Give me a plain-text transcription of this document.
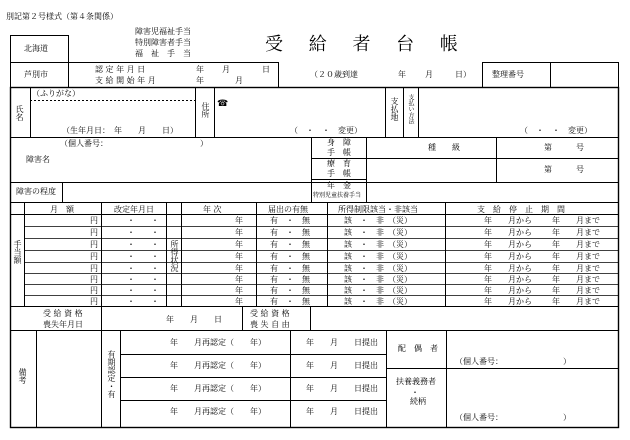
別記第２号様式（第４条関係）
北海道
芦別市
障害児福祉手当
特別障害者手当
福　祉　手　当	受 給 者 台 帳
認 定 年 月 日
支 給 開 始 年 月
年 月	日
年	月
（２０歳到達	年 月	日）	整理番号
氏名
（ふりがな）
（生年月日：　年　　月　　日）
住所 ☎
（　・　・　変更）
支払地 支払い方法
（　・　・　変更）
（個人番号：　　　　　　　　　　　　）
障害名
障害の程度
身 障
手 帳
療 育
手 帳
年　金
特別児童扶養手当
種　　級	第　　　号
第　　　号
手当額	所得状況
月　額	改定年月日	年 次	届出の有無	所得制限該当・非該当	支　給　停　止　期　間
円	・　　・	年	有　・　無	該　・　非　（災）	年　　月から	年　　月まで
円	・　　・	年	有　・　無	該　・　非　（災）	年　　月から	年　　月まで
円	・　　・	年	有　・　無	該　・　非　（災）	年　　月から	年　　月まで
円	・　　・	年	有　・　無	該　・　非　（災）	年　　月から	年　　月まで
円	・　　・	年	有　・　無	該　・　非　（災）	年　　月から	年　　月まで
円	・　　・	年	有　・　無	該　・　非　（災）	年　　月から	年　　月まで
円	・　　・	年	有　・　無	該　・　非　（災）	年　　月から	年　　月まで
円	・　　・	年	有　・　無	該　・　非　（災）	年　　月から	年　　月まで
受 給 資 格
喪失年月日
年　　月　　日
受 給 資 格
喪 失 自 由
備考	有期認定・有
年　　月再認定（　　年）	年　　月　　日提出
年　　月再認定（　　年）	年　　月　　日提出
年　　月再認定（　　年）	年　　月　　日提出
年　　月再認定（　　年）	年　　月　　日提出
配　偶　者
（個人番号：　　　　　　　　）
扶養義務者
・
続柄
（個人番号：　　　　　　　　）
